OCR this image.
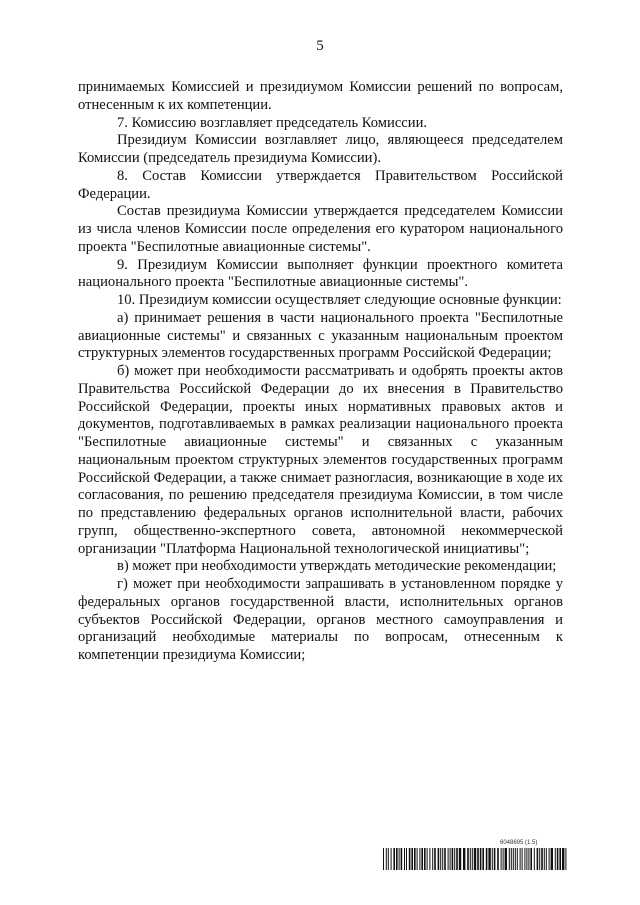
5

принимаемых Комиссией и президиумом Комиссии решений по вопросам, отнесенным к их компетенции.

7. Комиссию возглавляет председатель Комиссии.

Президиум Комиссии возглавляет лицо, являющееся председателем Комиссии (председатель президиума Комиссии).

8. Состав Комиссии утверждается Правительством Российской Федерации.

Состав президиума Комиссии утверждается председателем Комиссии из числа членов Комиссии после определения его куратором национального проекта "Беспилотные авиационные системы".

9. Президиум Комиссии выполняет функции проектного комитета национального проекта "Беспилотные авиационные системы".

10. Президиум комиссии осуществляет следующие основные функции:

а) принимает решения в части национального проекта "Беспилотные авиационные системы" и связанных с указанным национальным проектом структурных элементов государственных программ Российской Федерации;

б) может при необходимости рассматривать и одобрять проекты актов Правительства Российской Федерации до их внесения в Правительство Российской Федерации, проекты иных нормативных правовых актов и документов, подготавливаемых в рамках реализации национального проекта "Беспилотные авиационные системы" и связанных с указанным национальным проектом структурных элементов государственных программ Российской Федерации, а также снимает разногласия, возникающие в ходе их согласования, по решению председателя президиума Комиссии, в том числе по представлению федеральных органов исполнительной власти, рабочих групп, общественно-экспертного совета, автономной некоммерческой организации "Платформа Национальной технологической инициативы";

в) может при необходимости утверждать методические рекомендации;

г) может при необходимости запрашивать в установленном порядке у федеральных органов государственной власти, исполнительных органов субъектов Российской Федерации, органов местного самоуправления и организаций необходимые материалы по вопросам, отнесенным к компетенции президиума Комиссии;

6048695 (1.5)
